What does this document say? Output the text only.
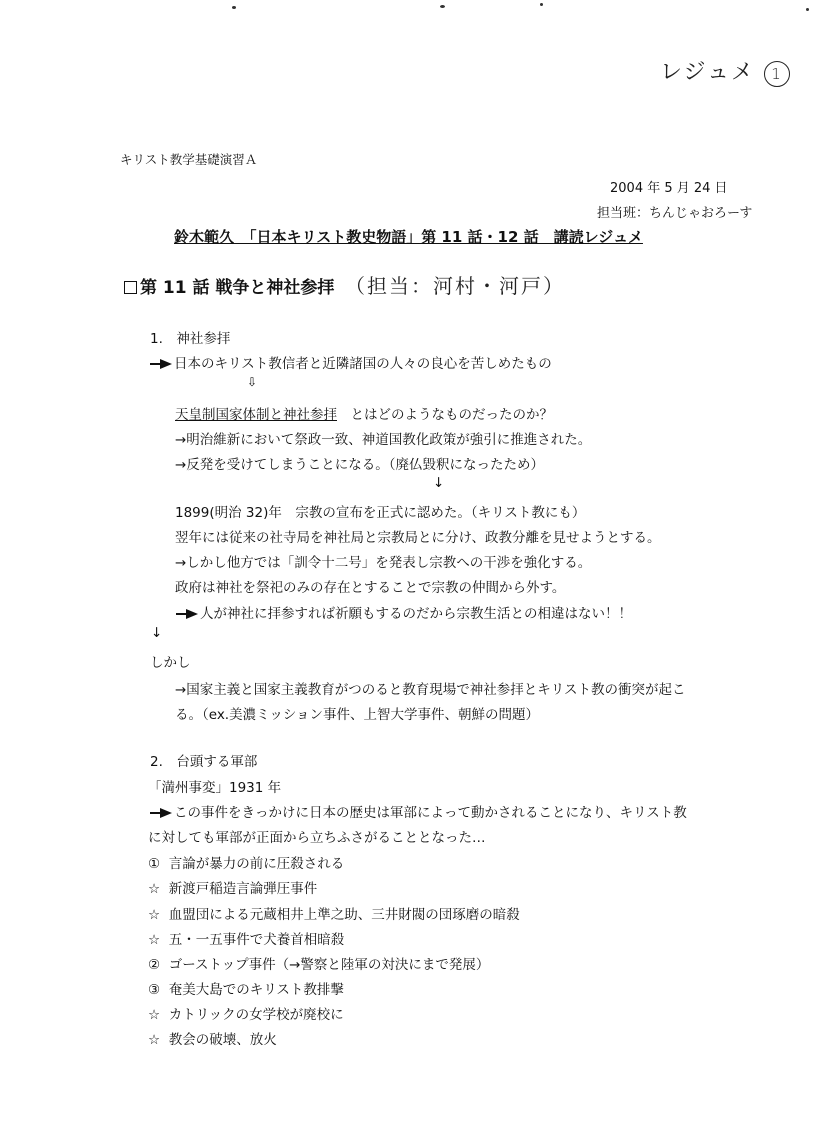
レジュメ 1
キリスト教学基礎演習Ａ
2004 年 5 月 24 日
担当班：ちんじゃおろーす
鈴木範久　「日本キリスト教史物語」第 11 話・12 話　講読レジュメ
第 11 話 戦争と神社参拝 （担当：河村・河戸）
1.　神社参拝
日本のキリスト教信者と近隣諸国の人々の良心を苦しめたもの
⇩
天皇制国家体制と神社参拝　とはどのようなものだったのか？
→明治維新において祭政一致、神道国教化政策が強引に推進された。
→反発を受けてしまうことになる。（廃仏毀釈になったため）
↓
1899(明治 32)年　宗教の宣布を正式に認めた。（キリスト教にも）
翌年には従来の社寺局を神社局と宗教局とに分け、政教分離を見せようとする。
→しかし他方では「訓令十二号」を発表し宗教への干渉を強化する。
政府は神社を祭祀のみの存在とすることで宗教の仲間から外す。
人が神社に拝参すれば祈願もするのだから宗教生活との相違はない！！
↓
しかし
→国家主義と国家主義教育がつのると教育現場で神社参拝とキリスト教の衝突が起こ
る。（ex.美濃ミッション事件、上智大学事件、朝鮮の問題）
2.　台頭する軍部
「満州事変」1931 年
この事件をきっかけに日本の歴史は軍部によって動かされることになり、キリスト教
に対しても軍部が正面から立ちふさがることとなった…
① 言論が暴力の前に圧殺される
☆ 新渡戸稲造言論弾圧事件
☆ 血盟団による元蔵相井上準之助、三井財閥の団琢磨の暗殺
☆ 五・一五事件で犬養首相暗殺
② ゴーストップ事件（→警察と陸軍の対決にまで発展）
③ 奄美大島でのキリスト教排撃
☆ カトリックの女学校が廃校に
☆ 教会の破壊、放火
